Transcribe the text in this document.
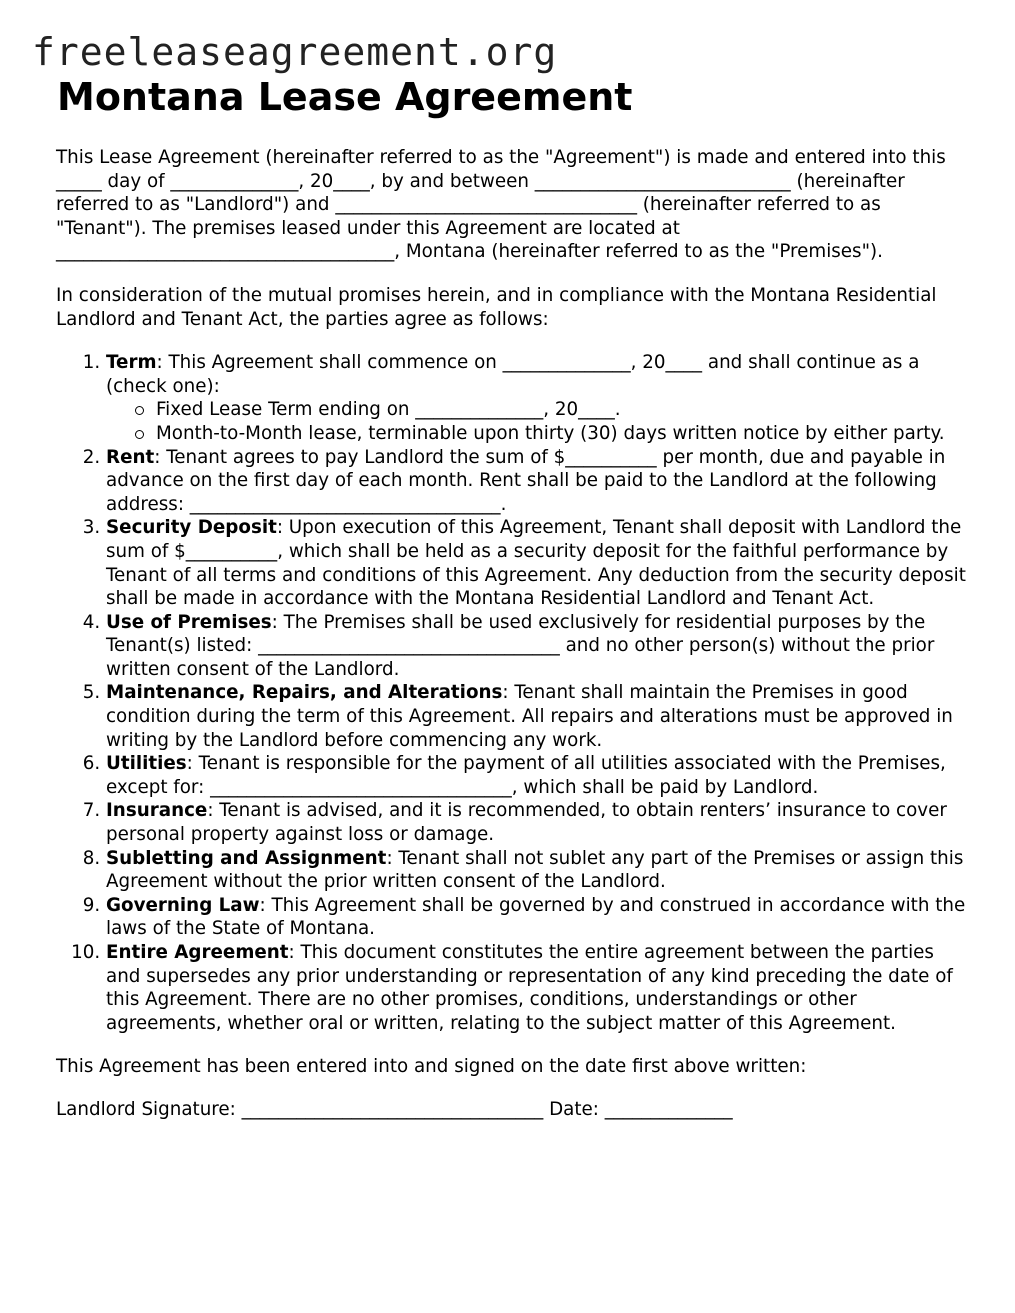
freeleaseagreement.org
Montana Lease Agreement

This Lease Agreement (hereinafter referred to as the "Agreement") is made and entered into this _____ day of ______________, 20____, by and between ____________________________ (hereinafter referred to as "Landlord") and _________________________________ (hereinafter referred to as "Tenant"). The premises leased under this Agreement are located at _____________________________________, Montana (hereinafter referred to as the "Premises").

In consideration of the mutual promises herein, and in compliance with the Montana Residential Landlord and Tenant Act, the parties agree as follows:

1. Term: This Agreement shall commence on ______________, 20____ and shall continue as a (check one):
Fixed Lease Term ending on ______________, 20____.
Month-to-Month lease, terminable upon thirty (30) days written notice by either party.
2. Rent: Tenant agrees to pay Landlord the sum of $__________ per month, due and payable in advance on the first day of each month. Rent shall be paid to the Landlord at the following address: __________________________________.
3. Security Deposit: Upon execution of this Agreement, Tenant shall deposit with Landlord the sum of $__________, which shall be held as a security deposit for the faithful performance by Tenant of all terms and conditions of this Agreement. Any deduction from the security deposit shall be made in accordance with the Montana Residential Landlord and Tenant Act.
4. Use of Premises: The Premises shall be used exclusively for residential purposes by the Tenant(s) listed: _________________________________ and no other person(s) without the prior written consent of the Landlord.
5. Maintenance, Repairs, and Alterations: Tenant shall maintain the Premises in good condition during the term of this Agreement. All repairs and alterations must be approved in writing by the Landlord before commencing any work.
6. Utilities: Tenant is responsible for the payment of all utilities associated with the Premises, except for: _________________________________, which shall be paid by Landlord.
7. Insurance: Tenant is advised, and it is recommended, to obtain renters’ insurance to cover personal property against loss or damage.
8. Subletting and Assignment: Tenant shall not sublet any part of the Premises or assign this Agreement without the prior written consent of the Landlord.
9. Governing Law: This Agreement shall be governed by and construed in accordance with the laws of the State of Montana.
10. Entire Agreement: This document constitutes the entire agreement between the parties and supersedes any prior understanding or representation of any kind preceding the date of this Agreement. There are no other promises, conditions, understandings or other agreements, whether oral or written, relating to the subject matter of this Agreement.

This Agreement has been entered into and signed on the date first above written:

Landlord Signature: _________________________________ Date: ______________
